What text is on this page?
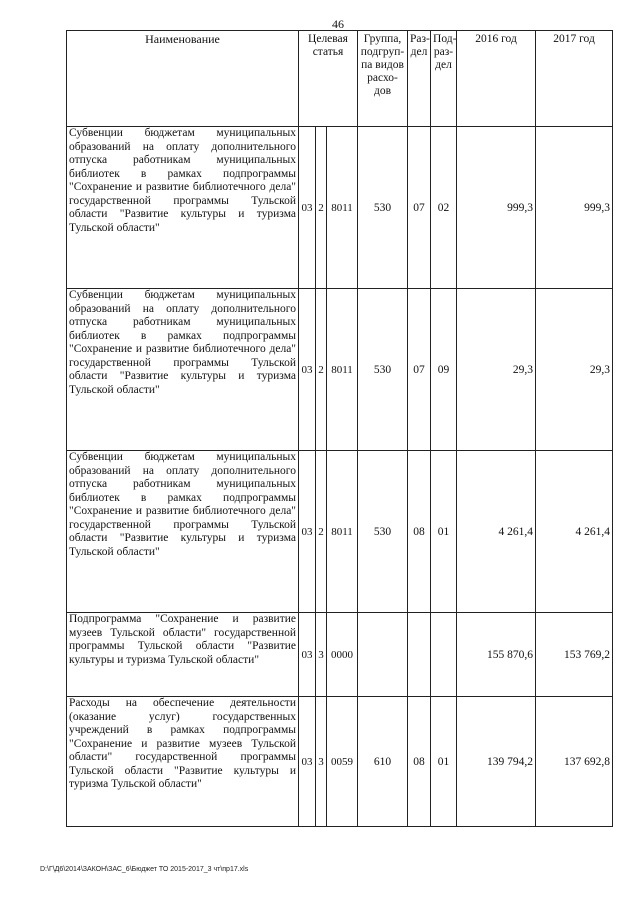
46
Наименование	Целевая статья			Группа, подгруп-па видов расхо-дов	Раз-дел	Под-раз-дел	2016 год	2017 год
Субвенции бюджетам муниципальных образований на оплату дополнительного отпуска работникам муниципальных библиотек в рамках подпрограммы "Сохранение и развитие библиотечного дела" государственной программы Тульской области "Развитие культуры и туризма Тульской области"	03	2	8011	530	07	02	999,3	999,3
Субвенции бюджетам муниципальных образований на оплату дополнительного отпуска работникам муниципальных библиотек в рамках подпрограммы "Сохранение и развитие библиотечного дела" государственной программы Тульской области "Развитие культуры и туризма Тульской области"	03	2	8011	530	07	09	29,3	29,3
Субвенции бюджетам муниципальных образований на оплату дополнительного отпуска работникам муниципальных библиотек в рамках подпрограммы "Сохранение и развитие библиотечного дела" государственной программы Тульской области "Развитие культуры и туризма Тульской области"	03	2	8011	530	08	01	4 261,4	4 261,4
Подпрограмма "Сохранение и развитие музеев Тульской области" государственной программы Тульской области "Развитие культуры и туризма Тульской области"	03	3	0000				155 870,6	153 769,2
Расходы на обеспечение деятельности (оказание услуг) государственных учреждений в рамках подпрограммы "Сохранение и развитие музеев Тульской области" государственной программы Тульской области "Развитие культуры и туризма Тульской области"	03	3	0059	610	08	01	139 794,2	137 692,8
D:\Г\Д6\2014\ЗАКОН\ЗАС_6\Бюджет ТО 2015-2017_3 чт\пр17.xls
